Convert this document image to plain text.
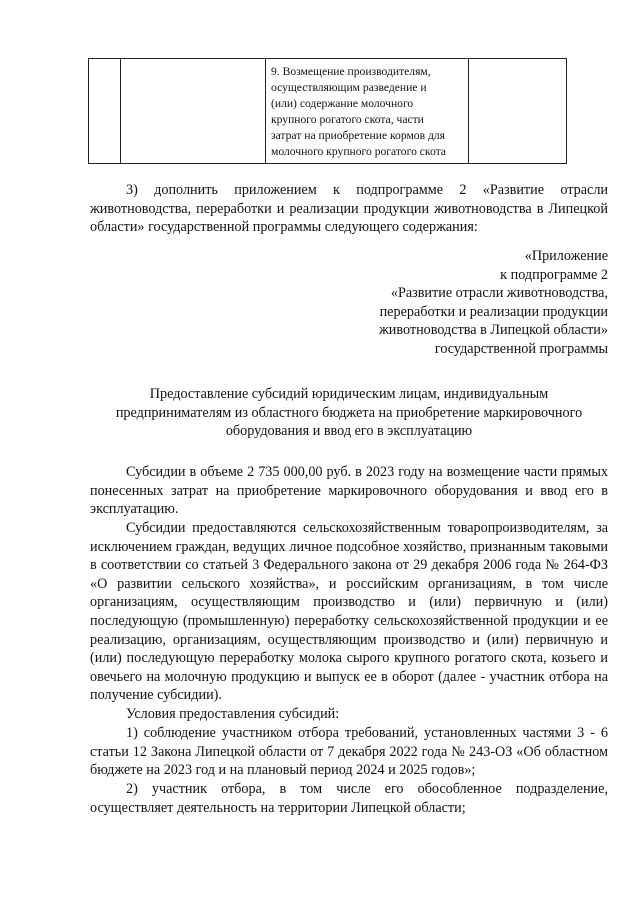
9. Возмещение производителям,
осуществляющим разведение и
(или) содержание молочного
крупного рогатого скота, части
затрат на приобретение кормов для
молочного крупного рогатого скота

3) дополнить приложением к подпрограмме 2 «Развитие отрасли животноводства, переработки и реализации продукции животноводства в Липецкой области» государственной программы следующего содержания:

«Приложение
к подпрограмме 2
«Развитие отрасли животноводства,
переработки и реализации продукции
животноводства в Липецкой области»
государственной программы
Предоставление субсидий юридическим лицам, индивидуальным
предпринимателям из областного бюджета на приобретение маркировочного
оборудования и ввод его в эксплуатацию

Субсидии в объеме 2 735 000,00 руб. в 2023 году на возмещение части прямых понесенных затрат на приобретение маркировочного оборудования и ввод его в эксплуатацию.

Субсидии предоставляются сельскохозяйственным товаропроизводителям, за исключением граждан, ведущих личное подсобное хозяйство, признанным таковыми в соответствии со статьей 3 Федерального закона от 29 декабря 2006 года № 264-ФЗ «О развитии сельского хозяйства», и российским организациям, в том числе организациям, осуществляющим производство и (или) первичную и (или) последующую (промышленную) переработку сельскохозяйственной продукции и ее реализацию, организациям, осуществляющим производство и (или) первичную и (или) последующую переработку молока сырого крупного рогатого скота, козьего и овечьего на молочную продукцию и выпуск ее в оборот (далее - участник отбора на получение субсидии).

Условия предоставления субсидий:

1) соблюдение участником отбора требований, установленных частями 3 - 6 статьи 12 Закона Липецкой области от 7 декабря 2022 года № 243-ОЗ «Об областном бюджете на 2023 год и на плановый период 2024 и 2025 годов»;

2) участник отбора, в том числе его обособленное подразделение, осуществляет деятельность на территории Липецкой области;
